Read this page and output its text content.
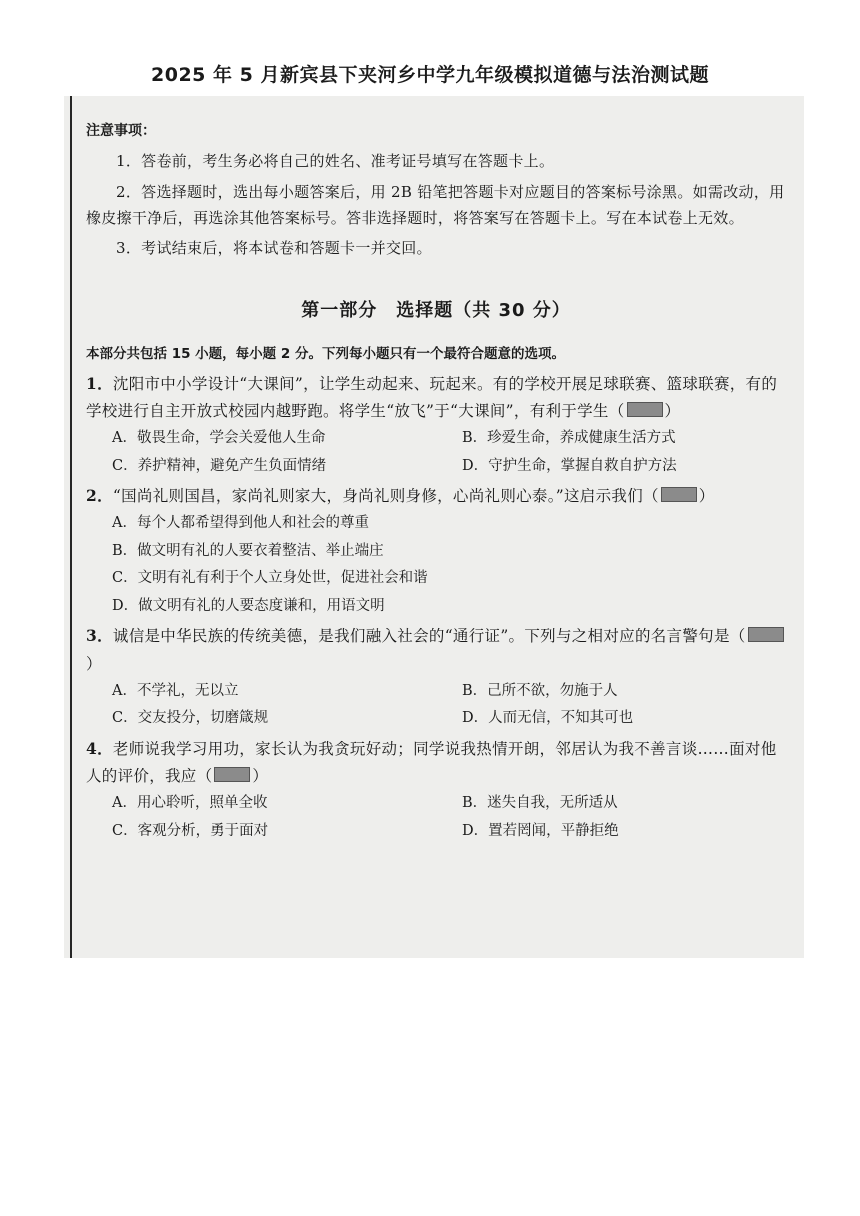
2025 年 5 月新宾县下夹河乡中学九年级模拟道德与法治测试题
注意事项：

1．答卷前，考生务必将自己的姓名、准考证号填写在答题卡上。

2．答选择题时，选出每小题答案后，用 2B 铅笔把答题卡对应题目的答案标号涂黑。如需改动，用橡皮擦干净后，再选涂其他答案标号。答非选择题时，将答案写在答题卡上。写在本试卷上无效。

3．考试结束后，将本试卷和答题卡一并交回。

第一部分　选择题（共 30 分）
本部分共包括 15 小题，每小题 2 分。下列每小题只有一个最符合题意的选项。

1．沈阳市中小学设计“大课间”，让学生动起来、玩起来。有的学校开展足球联赛、篮球联赛，有的学校进行自主开放式校园内越野跑。将学生“放飞”于“大课间”，有利于学生（	）

A．敬畏生命，学会关爱他人生命	B．珍爱生命，养成健康生活方式
C．养护精神，避免产生负面情绪	D．守护生命，掌握自救自护方法

2．“国尚礼则国昌，家尚礼则家大，身尚礼则身修，心尚礼则心泰。”这启示我们（	）

A．每个人都希望得到他人和社会的尊重
B．做文明有礼的人要衣着整洁、举止端庄
C．文明有礼有利于个人立身处世，促进社会和谐
D．做文明有礼的人要态度谦和，用语文明

3．诚信是中华民族的传统美德，是我们融入社会的“通行证”。下列与之相对应的名言警句是（）

A．不学礼，无以立	B．己所不欲，勿施于人
C．交友投分，切磨箴规	D．人而无信，不知其可也

4．老师说我学习用功，家长认为我贪玩好动；同学说我热情开朗，邻居认为我不善言谈……面对他人的评价，我应（	）

A．用心聆听，照单全收	B．迷失自我，无所适从
C．客观分析，勇于面对	D．置若罔闻，平静拒绝
